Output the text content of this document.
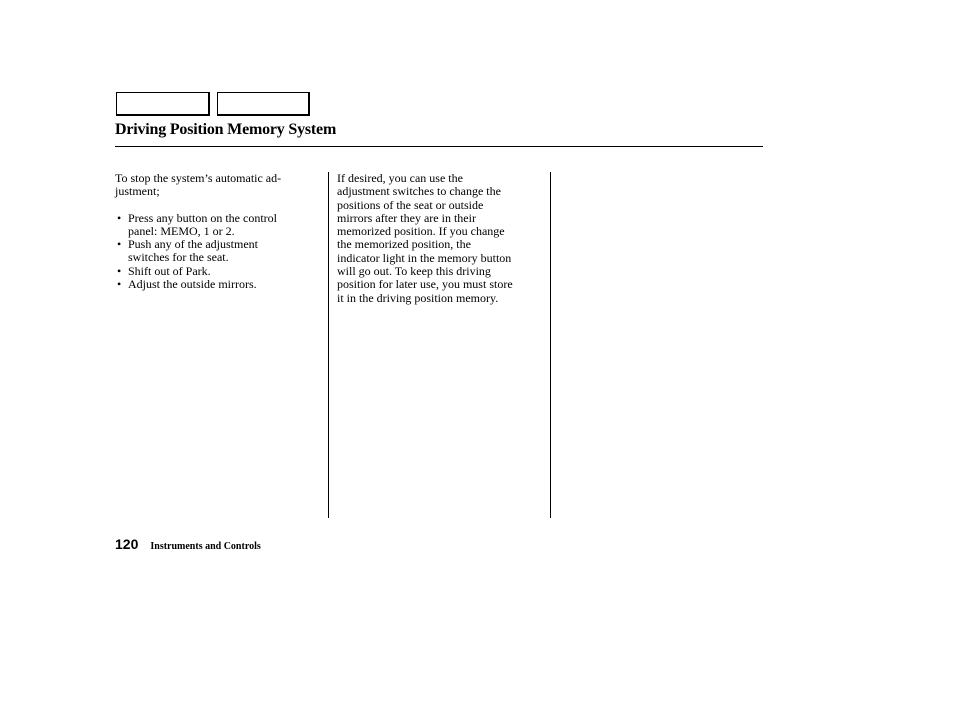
Driving Position Memory System

To stop the system’s automatic ad-
justment;

• Press any button on the control
panel: MEMO, 1 or 2.
• Push any of the adjustment
switches for the seat.
• Shift out of Park.
• Adjust the outside mirrors.

If desired, you can use the
adjustment switches to change the
positions of the seat or outside
mirrors after they are in their
memorized position. If you change
the memorized position, the
indicator light in the memory button
will go out. To keep this driving
position for later use, you must store
it in the driving position memory.

120 Instruments and Controls
